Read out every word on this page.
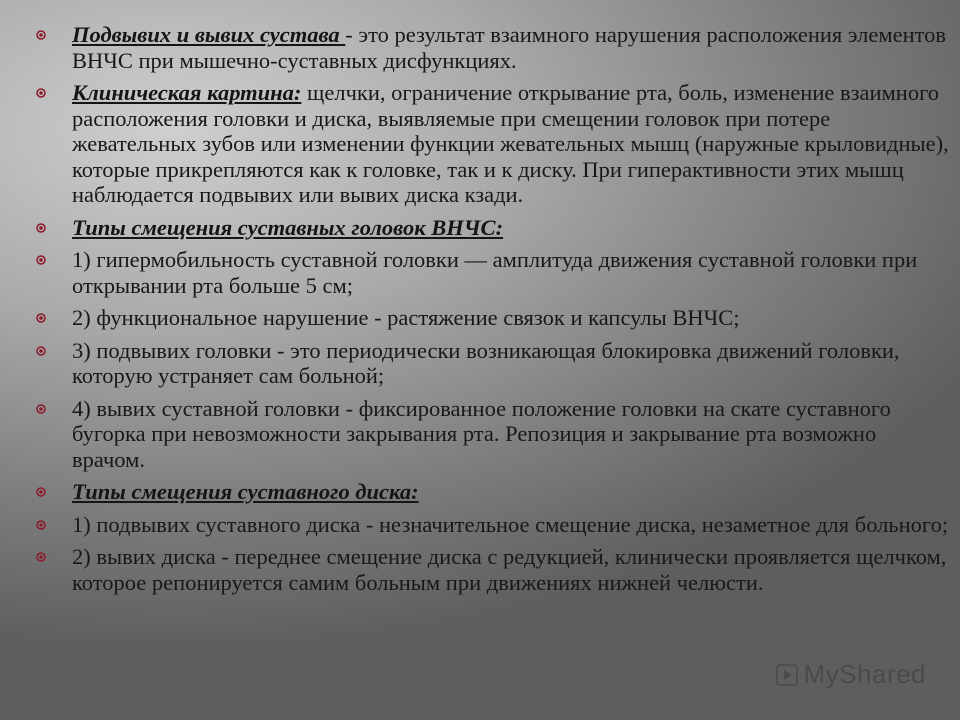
Подвывих и вывих сустава - это результат взаимного нарушения расположения элементов ВНЧС при мышечно-суставных дисфункциях.
Клиническая картина: щелчки, ограничение открывание рта, боль, изменение взаимного расположения головки и диска, выявляемые при смещении головок при потере жевательных зубов или изменении функции жевательных мышц (наружные крыловидные), которые прикрепляются как к головке, так и к диску. При гиперактивности этих мышц наблюдается подвывих или вывих диска кзади.
Типы смещения суставных головок ВНЧС:
1) гипермобильность суставной головки — амплитуда движения суставной головки при открывании рта больше 5 см;
2) функциональное нарушение - растяжение связок и капсулы ВНЧС;
3) подвывих головки - это периодически возникающая блокировка движений головки, которую устраняет сам больной;
4) вывих суставной головки - фиксированное положение головки на скате суставного бугорка при невозможности закрывания рта. Репозиция и закрывание рта возможно врачом.
Типы смещения суставного диска:
1) подвывих суставного диска - незначительное смещение диска, незаметное для больного;
2) вывих диска - переднее смещение диска с редукцией, клинически проявляется щелчком, которое репонируется самим больным при движениях нижней челюсти.
MyShared
